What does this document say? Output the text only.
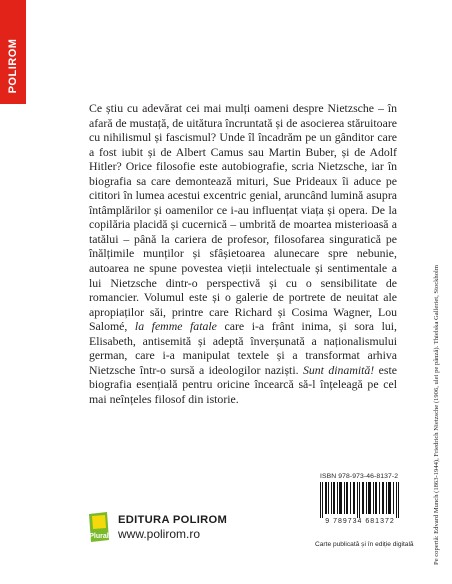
POLIROM

Ce știu cu adevărat cei mai mulți oameni despre Nietzsche – în afară de mustață, de uitătura încruntată și de asocierea stăruitoare cu nihilismul și fascismul? Unde îl încadrăm pe un gânditor care a fost iubit și de Albert Camus sau Martin Buber, și de Adolf Hitler? Orice filosofie este autobiografie, scria Nietzsche, iar în biografia sa care demontează mituri, Sue Prideaux îi aduce pe cititori în lumea acestui excentric genial, aruncând lumină asupra întâmplărilor și oamenilor ce i-au influențat viața și opera. De la copilăria placidă și cucernică – umbrită de moartea misterioasă a tatălui – până la cariera de profesor, filosofarea singuratică pe înălțimile munților și sfâșietoarea alunecare spre nebunie, autoarea ne spune povestea vieții intelectuale și sentimentale a lui Nietzsche dintr-o perspectivă și cu o sensibilitate de romancier. Volumul este și o galerie de portrete de neuitat ale apropiaților săi, printre care Richard și Cosima Wagner, Lou Salomé, la femme fatale care i-a frânt inima, și sora lui, Elisabeth, antisemită și adeptă înverșunată a naționalismului german, care i-a manipulat textele și a transformat arhiva Nietzsche într-o sursă a ideologilor naziști. Sunt dinamită! este biografia esențială pentru oricine încearcă să-l înțeleagă pe cel mai neînțeles filosof din istorie.	Pe copertă: Edvard Munch (1863-1944), Friedrich Nietzsche (1906, ulei pe pânză). Thielska Galleriet, Stockholm
ISBN 978-973-46-8137-2
9 789734 681372
Carte publicată și în ediție digitală
Plural
EDITURA POLIROM
www.polirom.ro
